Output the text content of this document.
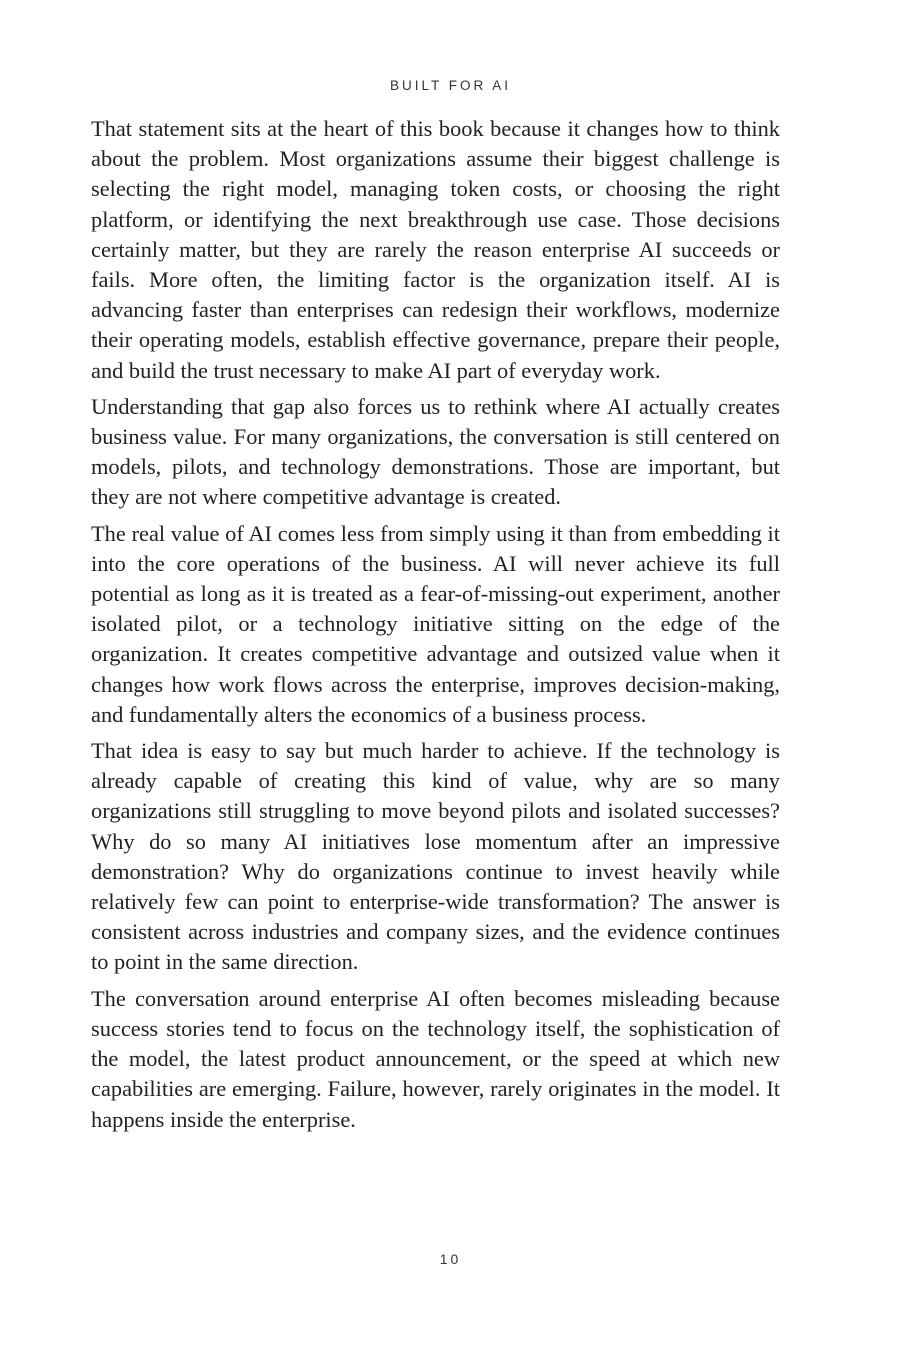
BUILT FOR AI

That statement sits at the heart of this book because it changes how to think about the problem. Most organizations assume their biggest challenge is selecting the right model, managing token costs, or choosing the right platform, or identifying the next breakthrough use case. Those decisions certainly matter, but they are rarely the reason enterprise AI succeeds or fails. More often, the limiting factor is the organization itself. AI is advancing faster than enterprises can redesign their workflows, modernize their operating models, establish effective governance, prepare their people, and build the trust necessary to make AI part of everyday work.

Understanding that gap also forces us to rethink where AI actually creates business value. For many organizations, the conversation is still centered on models, pilots, and technology demonstrations. Those are important, but they are not where competitive advantage is created.

The real value of AI comes less from simply using it than from embedding it into the core operations of the business. AI will never achieve its full potential as long as it is treated as a fear-of-missing-out experiment, another isolated pilot, or a technology initiative sitting on the edge of the organization. It creates competitive advantage and outsized value when it changes how work flows across the enterprise, improves decision-making, and fundamentally alters the economics of a business process.

That idea is easy to say but much harder to achieve. If the technology is already capable of creating this kind of value, why are so many organizations still struggling to move beyond pilots and isolated successes? Why do so many AI initiatives lose momentum after an impressive demonstration? Why do organizations continue to invest heavily while relatively few can point to enterprise-wide transformation? The answer is consistent across industries and company sizes, and the evidence continues to point in the same direction.

The conversation around enterprise AI often becomes misleading because success stories tend to focus on the technology itself, the sophistication of the model, the latest product announcement, or the speed at which new capabilities are emerging. Failure, however, rarely originates in the model. It happens inside the enterprise.

10
